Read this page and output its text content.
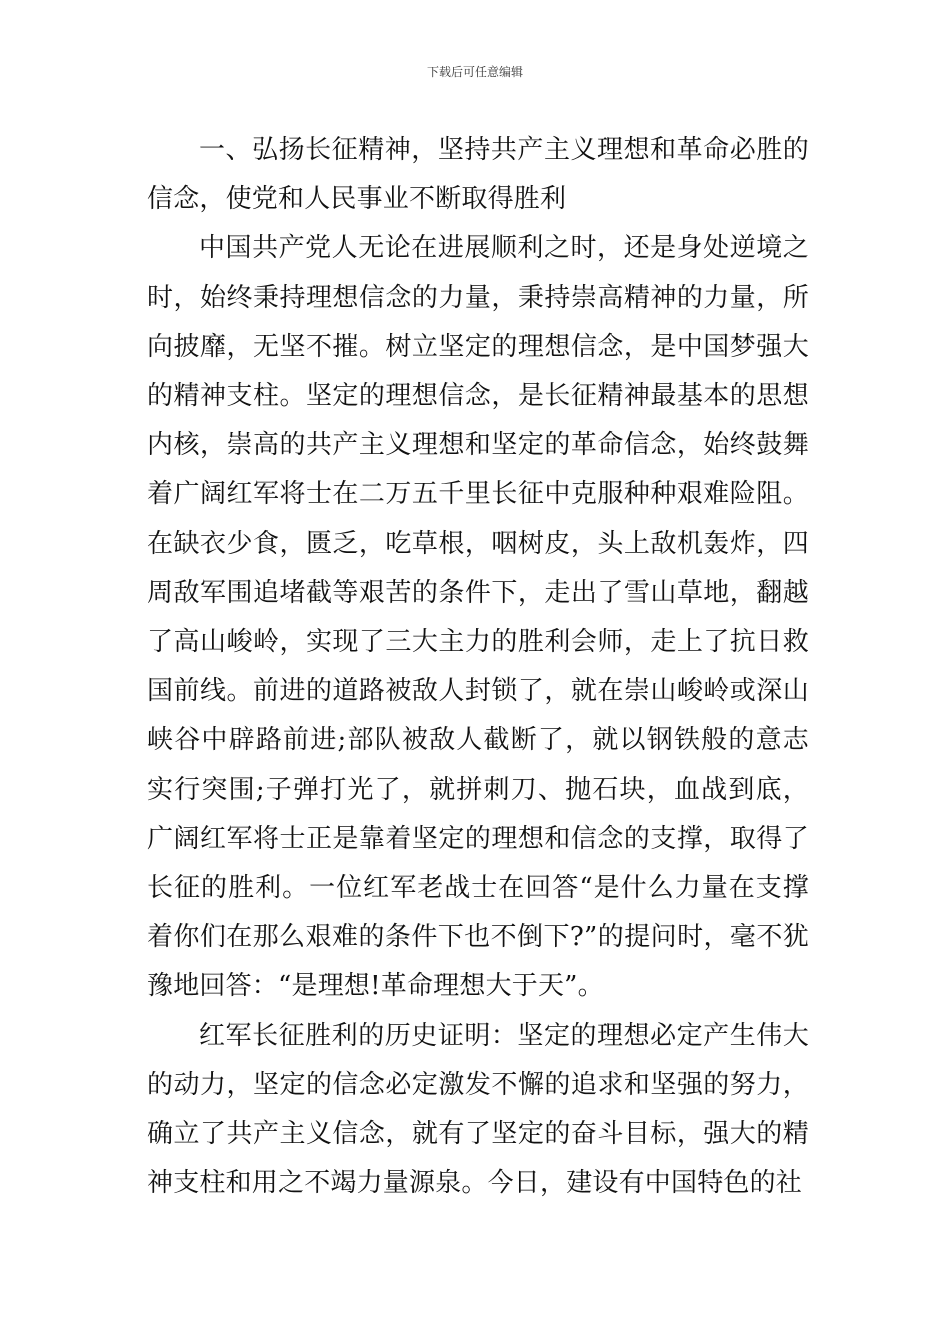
下载后可任意编辑

一、弘扬长征精神，坚持共产主义理想和革命必胜的信念，使党和人民事业不断取得胜利

中国共产党人无论在进展顺利之时，还是身处逆境之时，始终秉持理想信念的力量，秉持崇高精神的力量，所向披靡，无坚不摧。树立坚定的理想信念，是中国梦强大的精神支柱。坚定的理想信念，是长征精神最基本的思想内核，崇高的共产主义理想和坚定的革命信念，始终鼓舞着广阔红军将士在二万五千里长征中克服种种艰难险阻。在缺衣少食，匮乏，吃草根，咽树皮，头上敌机轰炸，四周敌军围追堵截等艰苦的条件下，走出了雪山草地，翻越了高山峻岭，实现了三大主力的胜利会师，走上了抗日救国前线。前进的道路被敌人封锁了，就在崇山峻岭或深山峡谷中辟路前进;部队被敌人截断了，就以钢铁般的意志实行突围;子弹打光了，就拼刺刀、抛石块，血战到底，广阔红军将士正是靠着坚定的理想和信念的支撑，取得了长征的胜利。一位红军老战士在回答“是什么力量在支撑着你们在那么艰难的条件下也不倒下?”的提问时，毫不犹豫地回答：“是理想!革命理想大于天”。

红军长征胜利的历史证明：坚定的理想必定产生伟大的动力，坚定的信念必定激发不懈的追求和坚强的努力，确立了共产主义信念，就有了坚定的奋斗目标，强大的精神支柱和用之不竭力量源泉。今日，建设有中国特色的社
